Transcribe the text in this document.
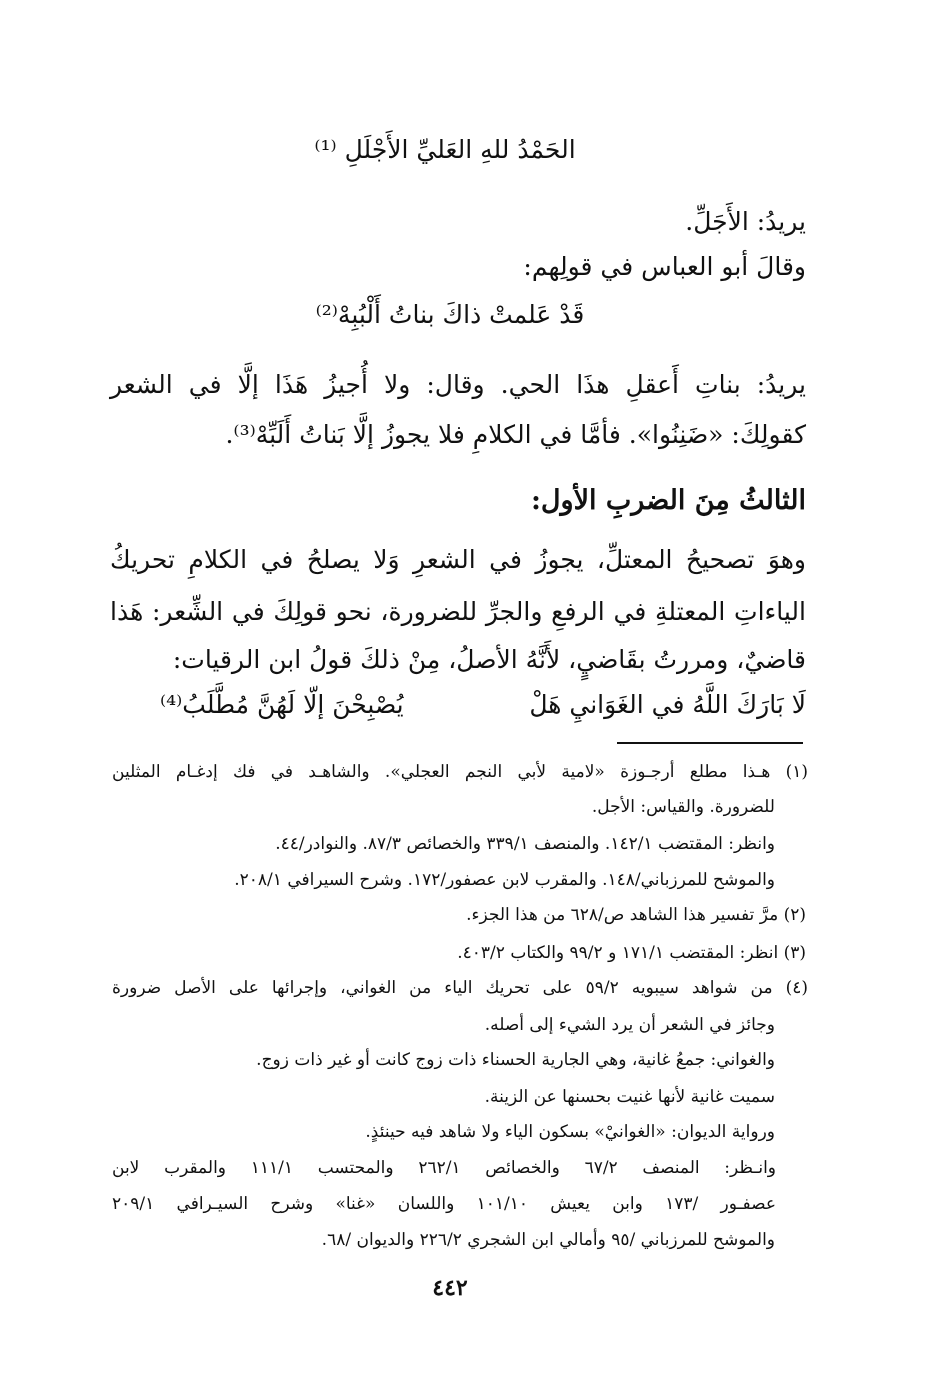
الحَمْدُ للهِ العَليِّ الأَجْلَلِ ⁽¹⁾
يريدُ: الأَجَلِّ.
وقالَ أبو العباس في قولِهم:
قَدْ عَلمتْ ذاكَ بناتُ أَلْبُبِهْ⁽²⁾
يريدُ: بناتِ أَعقلِ هذَا الحي. وقال: ولا أُجيزُ هَذَا إلَّا في الشعر
كقولِكَ: «ضَنِنُوا». فأمَّا في الكلامِ فلا يجوزُ إلَّا بَناتُ أَلَبِّهْ⁽³⁾.
الثالثُ مِنَ الضربِ الأول:
وهوَ تصحيحُ المعتلِّ، يجوزُ في الشعرِ وَلا يصلحُ في الكلامِ تحريكُ
الياءاتِ المعتلةِ في الرفعِ والجرِّ للضرورة، نحو قولِكَ في الشِّعر: هَذا
قاضيٌ، ومررتُ بقَاضيٍ، لأَنَّهُ الأصلُ، مِنْ ذلكَ قولُ ابن الرقيات:
لَا بَارَكَ اللَّهُ في الغَوَانيِ هَلْ
يُصْبِحْنَ إلّا لَهُنَّ مُطَّلَبُ⁽⁴⁾
(١) هـذا مطلع أرجـوزة «لامية لأبي النجم العجلي». والشاهـد في فك إدغـام المثلين
للضرورة. والقياس: الأجل.
وانظر: المقتضب ١٤٢/١. والمنصف ٣٣٩/١ والخصائص ٨٧/٣. والنوادر/٤٤.
والموشح للمرزباني/١٤٨. والمقرب لابن عصفور/١٧٢. وشرح السيرافي ٢٠٨/١.
(٢) مرَّ تفسير هذا الشاهد ص/٦٢٨ من هذا الجزء.
(٣) انظر: المقتضب ١٧١/١ و ٩٩/٢ والكتاب ٤٠٣/٢.
(٤) من شواهد سيبويه ٥٩/٢ على تحريك الياء من الغواني، وإجرائها على الأصل ضرورة
وجائز في الشعر أن يرد الشيء إلى أصله.
والغواني: جمعُ غانية، وهي الجارية الحسناء ذات زوج كانت أو غير ذات زوج.
سميت غانية لأنها غنيت بحسنها عن الزينة.
ورواية الديوان: «الغوانيْ» بسكون الياء ولا شاهد فيه حينئذٍ.
وانـظر: المنصف ٦٧/٢ والخصائص ٢٦٢/١ والمحتسب ١١١/١ والمقرب لابن
عصفـور /١٧٣ وابن يعيش ١٠١/١٠ واللسان «غنا» وشرح السيـرافي ٢٠٩/١
والموشح للمرزباني /٩٥ وأمالي ابن الشجري ٢٢٦/٢ والديوان /٦٨.
٤٤٢
